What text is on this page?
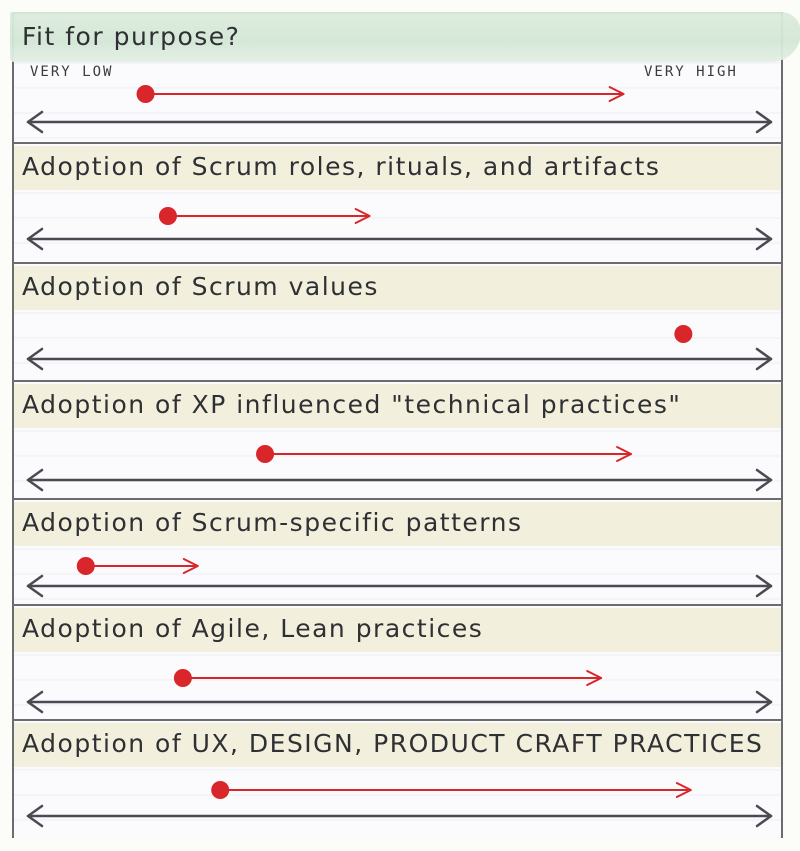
Fit for purpose?
VERY LOW	VERY HIGH
Adoption of Scrum roles, rituals, and artifacts
Adoption of Scrum values
Adoption of XP influenced "technical practices"
Adoption of Scrum-specific patterns
Adoption of Agile, Lean practices
Adoption of UX, DESIGN, PRODUCT CRAFT PRACTICES
